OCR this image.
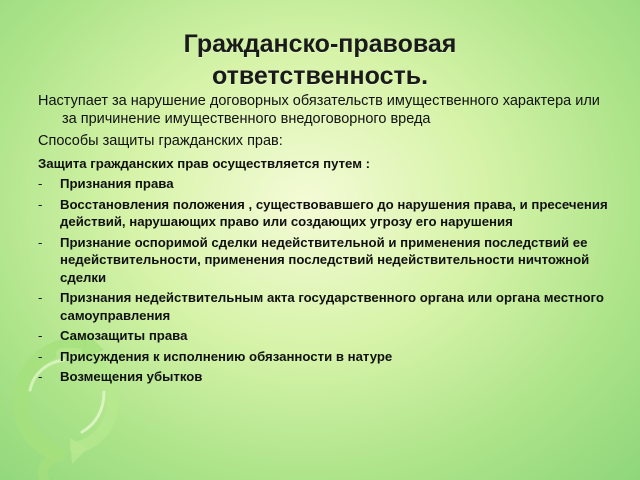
Гражданско-правовая
ответственность.

Наступает за нарушение договорных обязательств имущественного характера или за причинение имущественного внедоговорного вреда

Способы защиты гражданских прав:

Защита гражданских прав осуществляется путем :

- Признания права
- Восстановления положения , существовавшего до нарушения права, и пресечения действий, нарушающих право или создающих угрозу его нарушения
- Признание оспоримой сделки недействительной и применения последствий ее недействительности, применения последствий недействительности ничтожной сделки
- Признания недействительным акта государственного органа или органа местного самоуправления
- Самозащиты права
- Присуждения к исполнению обязанности в натуре
- Возмещения убытков
